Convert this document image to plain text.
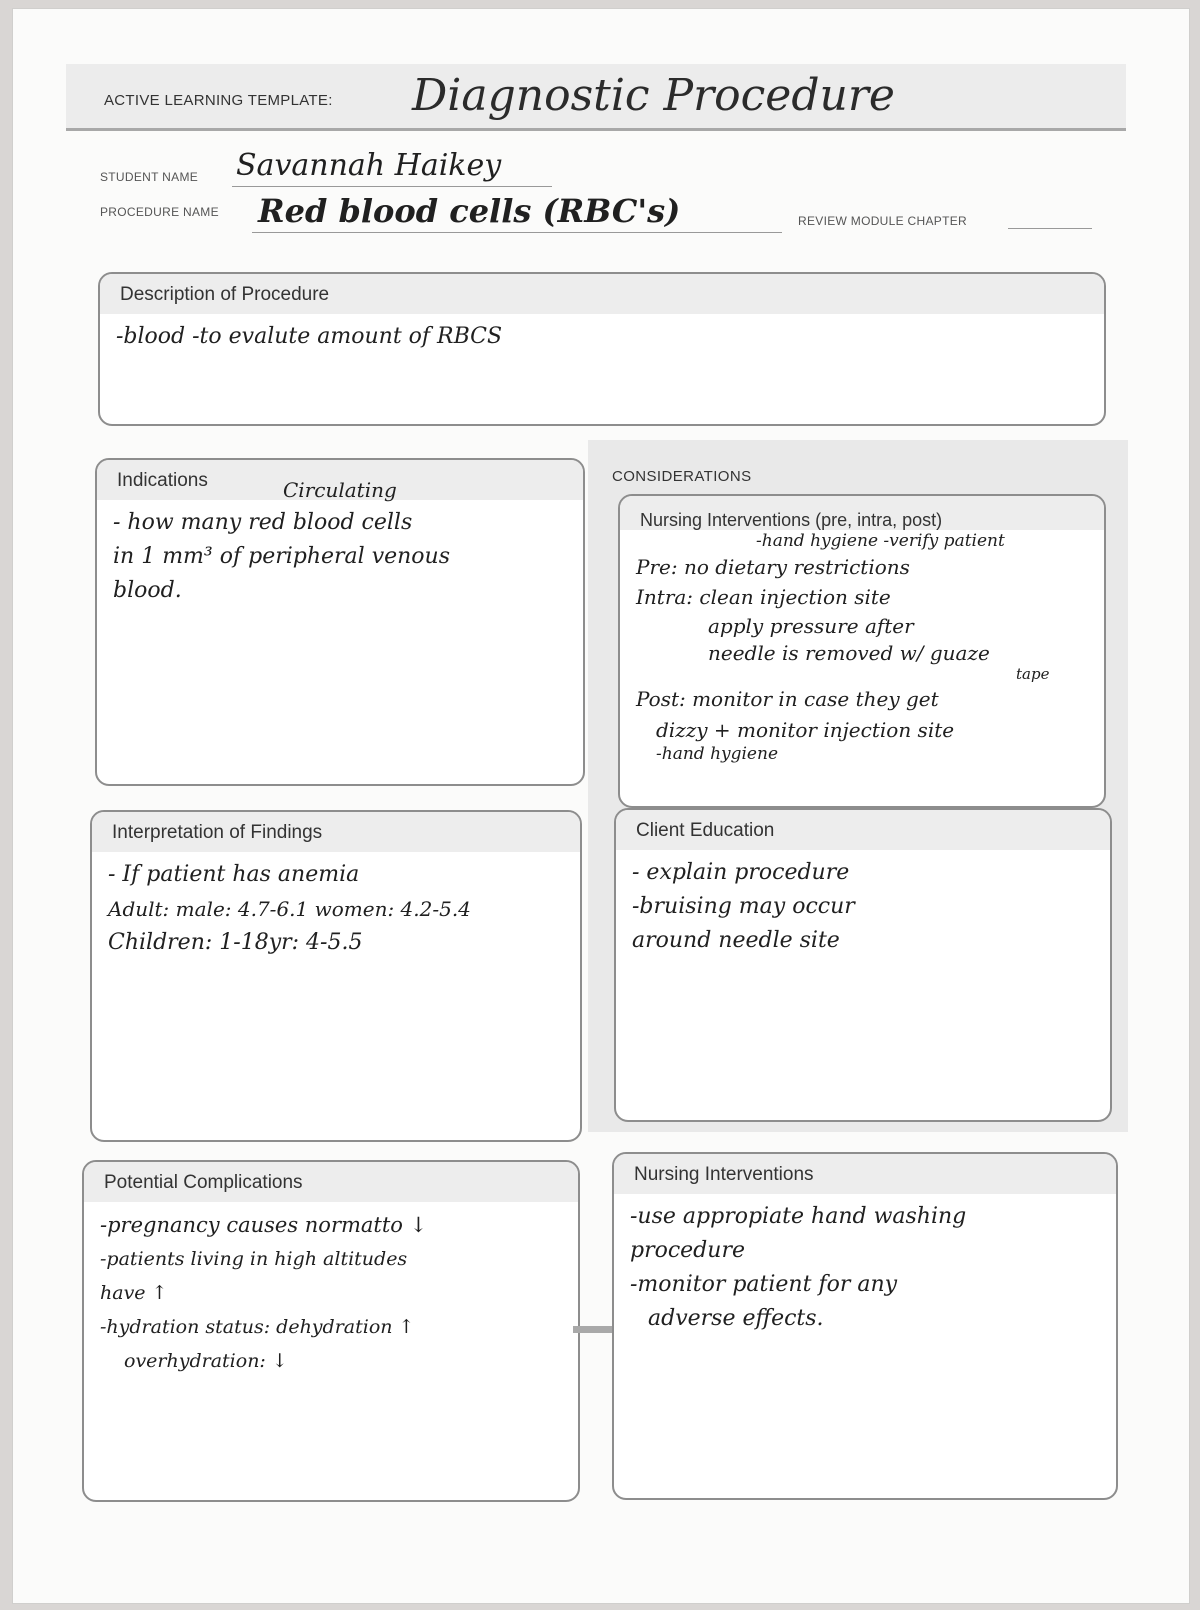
ACTIVE LEARNING TEMPLATE: Diagnostic Procedure
STUDENT NAME Savannah Haikey
PROCEDURE NAME Red blood cells (RBC's)	REVIEW MODULE CHAPTER
Description of Procedure
-blood -to evalute amount of RBCS
CONSIDERATIONS
Indications	Circulating
- how many red blood cells
in 1 mm³ of peripheral venous
blood.
Nursing Interventions (pre, intra, post)
-hand hygiene -verify patient
Pre: no dietary restrictions
Intra: clean injection site
apply pressure after
needle is removed w/ guaze
tape
Post: monitor in case they get
dizzy + monitor injection site
-hand hygiene
Interpretation of Findings
- If patient has anemia
Adult: male: 4.7-6.1 women: 4.2-5.4
Children: 1-18yr: 4-5.5
Client Education
- explain procedure
-bruising may occur
around needle site
Potential Complications
-pregnancy causes normatto ↓
-patients living in high altitudes
have ↑
-hydration status: dehydration ↑
overhydration: ↓
Nursing Interventions
-use appropiate hand washing
procedure
-monitor patient for any
adverse effects.
